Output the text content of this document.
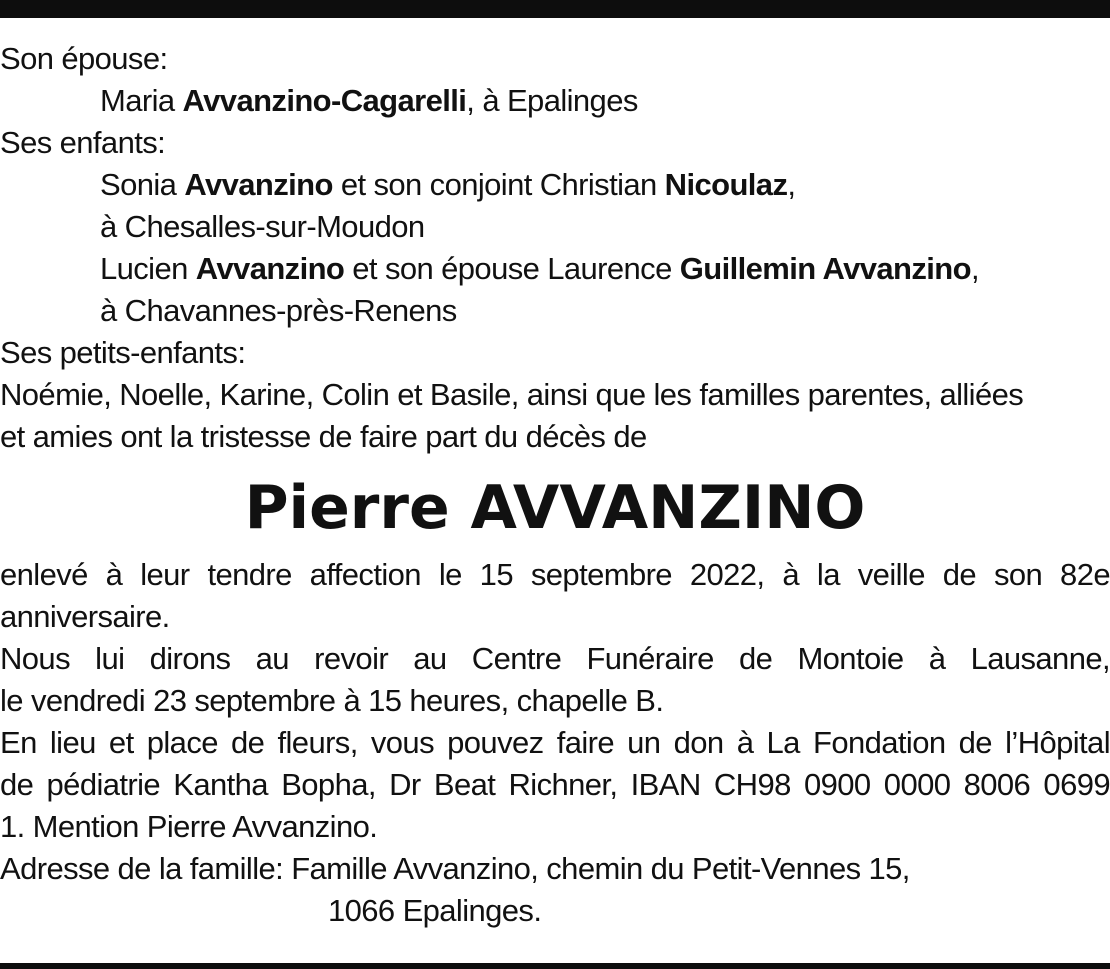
Son épouse:
Maria Avvanzino-Cagarelli, à Epalinges
Ses enfants:
Sonia Avvanzino et son conjoint Christian Nicoulaz,
à Chesalles-sur-Moudon
Lucien Avvanzino et son épouse Laurence Guillemin Avvanzino,
à Chavannes-près-Renens
Ses petits-enfants:
Noémie, Noelle, Karine, Colin et Basile, ainsi que les familles parentes, alliées
et amies ont la tristesse de faire part du décès de
Pierre AVVANZINO
enlevé à leur tendre affection le 15 septembre 2022, à la veille de son 82e
anniversaire.
Nous lui dirons au revoir au Centre Funéraire de Montoie à Lausanne,
le vendredi 23 septembre à 15 heures, chapelle B.
En lieu et place de fleurs, vous pouvez faire un don à La Fondation de l’Hôpital
de pédiatrie Kantha Bopha, Dr Beat Richner, IBAN CH98 0900 0000 8006 0699
1. Mention Pierre Avvanzino.
Adresse de la famille: Famille Avvanzino, chemin du Petit-Vennes 15,
1066 Epalinges.
